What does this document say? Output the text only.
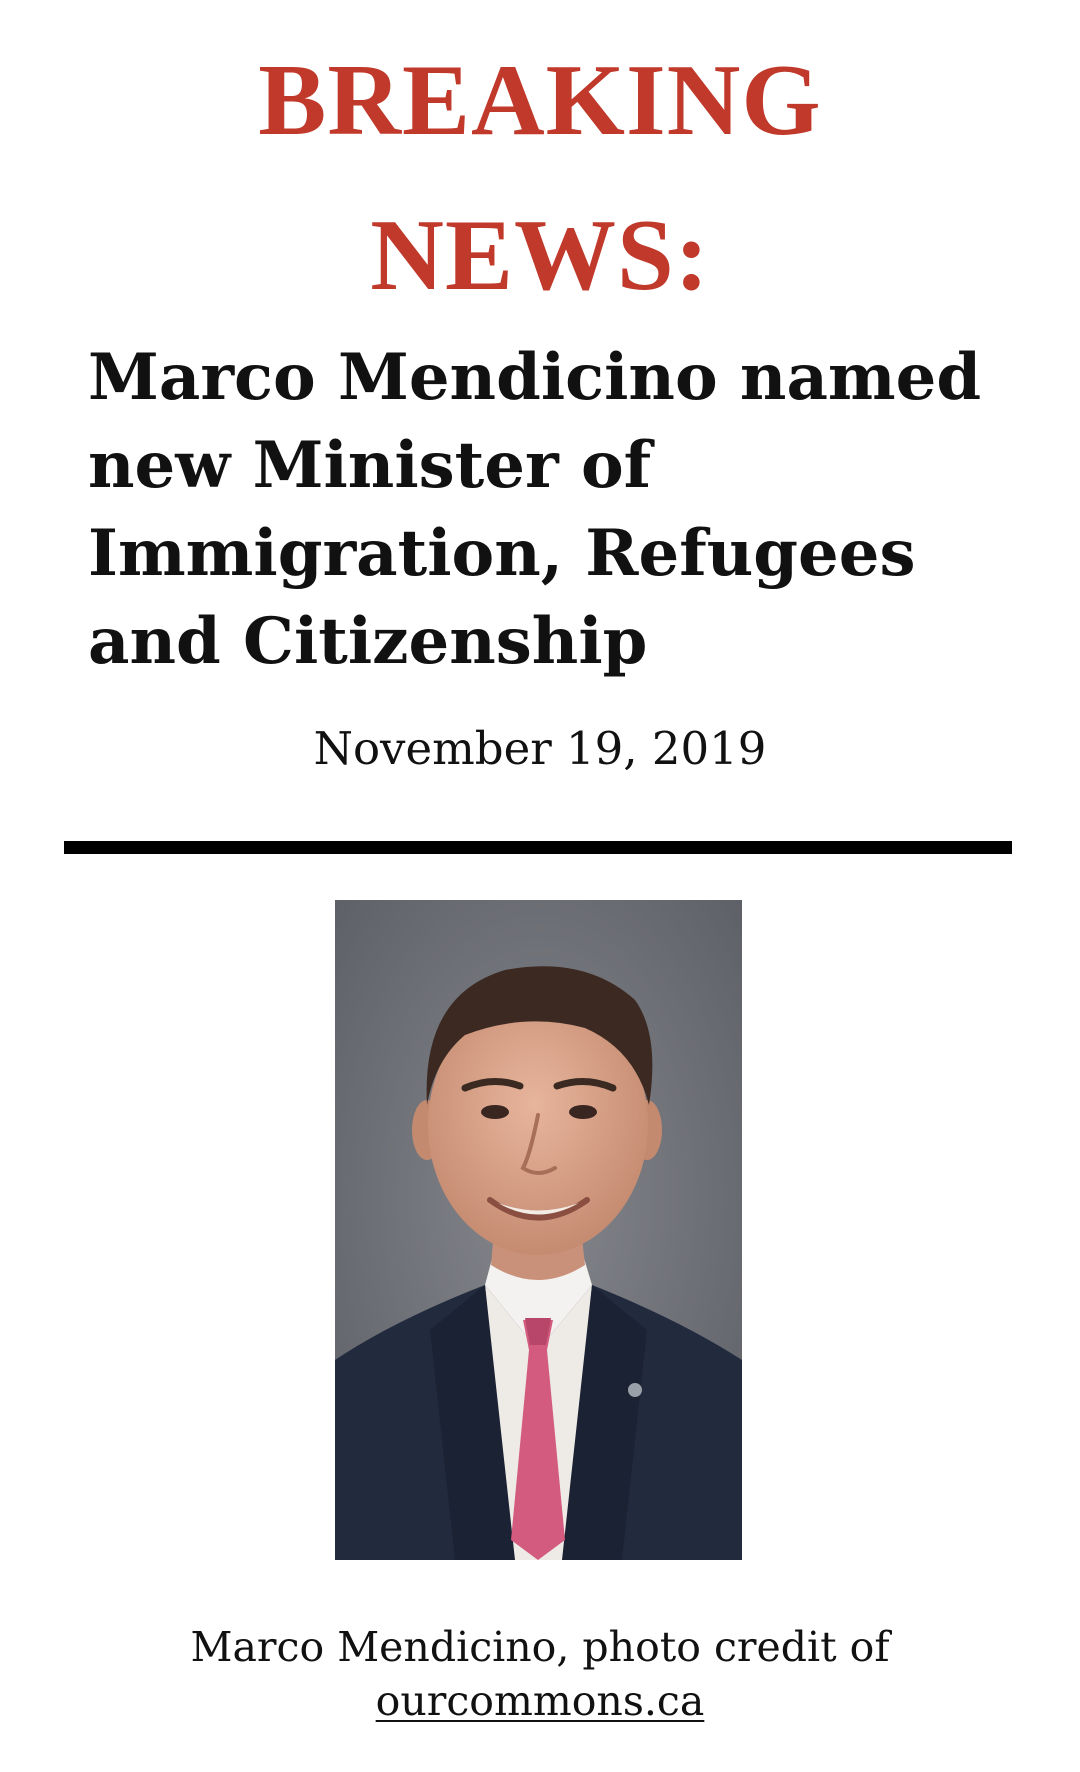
BREAKING
NEWS:
Marco Mendicino named new Minister of Immigration, Refugees and Citizenship
November 19, 2019
Marco Mendicino, photo credit of
ourcommons.ca
